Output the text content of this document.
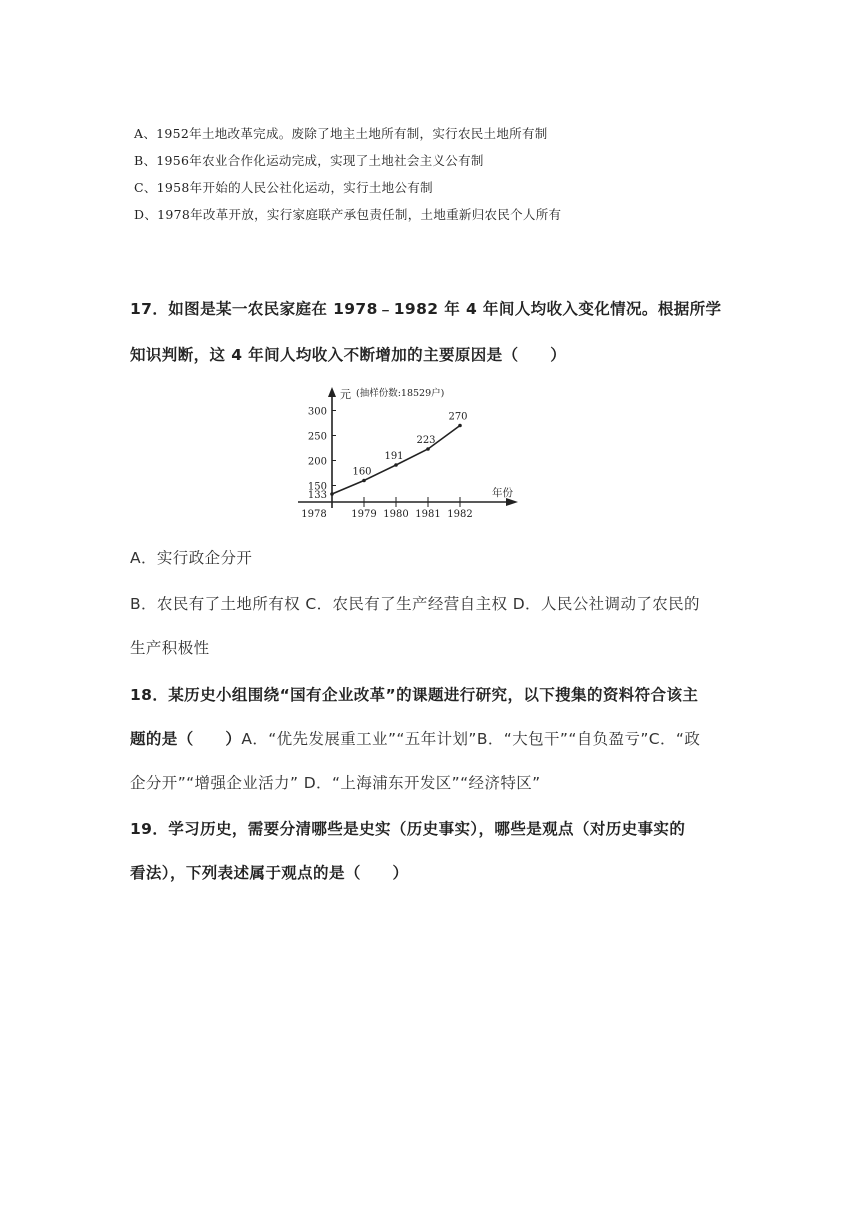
A、1952年土地改革完成。废除了地主土地所有制，实行农民土地所有制
B、1956年农业合作化运动完成，实现了土地社会主义公有制
C、1958年开始的人民公社化运动，实行土地公有制
D、1978年改革开放，实行家庭联产承包责任制，土地重新归农民个人所有
17．如图是某一农民家庭在 1978﹣1982 年 4 年间人均收入变化情况。根据所学
知识判断，这 4 年间人均收入不断增加的主要原因是（　　）
元 (抽样份数:18529户)
年份
150
200
250
300
133
1978 1979 1980 1981 1982
160
191
223
270
A．实行政企分开
B．农民有了土地所有权 C．农民有了生产经营自主权 D．人民公社调动了农民的
生产积极性
18．某历史小组围绕“国有企业改革”的课题进行研究，以下搜集的资料符合该主
题的是（　　）A．“优先发展重工业”“五年计划”B．“大包干”“自负盈亏”C．“政
企分开”“增强企业活力” D．“上海浦东开发区”“经济特区”
19．学习历史，需要分清哪些是史实（历史事实），哪些是观点（对历史事实的
看法），下列表述属于观点的是（　　）
